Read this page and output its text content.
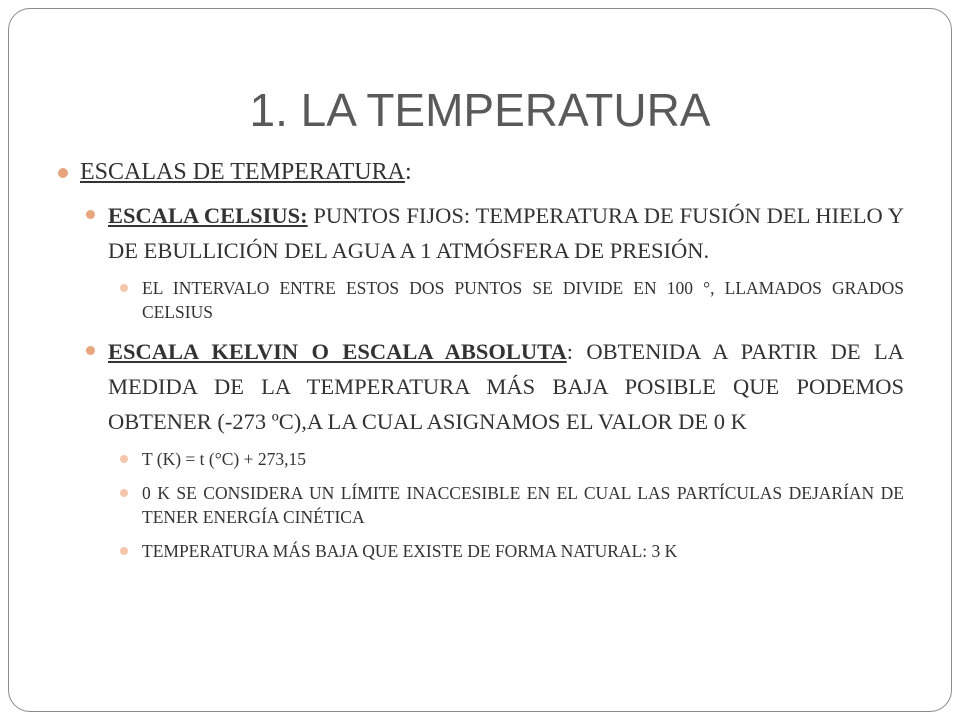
1. LA TEMPERATURA
ESCALAS DE TEMPERATURA:
ESCALA CELSIUS: PUNTOS FIJOS: TEMPERATURA DE FUSIÓN DEL HIELO Y DE EBULLICIÓN DEL AGUA A 1 ATMÓSFERA DE PRESIÓN.
EL INTERVALO ENTRE ESTOS DOS PUNTOS SE DIVIDE EN 100 °, LLAMADOS GRADOS CELSIUS
ESCALA KELVIN O ESCALA ABSOLUTA: OBTENIDA A PARTIR DE LA MEDIDA DE LA TEMPERATURA MÁS BAJA POSIBLE QUE PODEMOS OBTENER (-273 ºC),A LA CUAL ASIGNAMOS EL VALOR DE 0 K
T (K) = t (°C) + 273,15
0 K SE CONSIDERA UN LÍMITE INACCESIBLE EN EL CUAL LAS PARTÍCULAS DEJARÍAN DE TENER ENERGÍA CINÉTICA
TEMPERATURA MÁS BAJA QUE EXISTE DE FORMA NATURAL: 3 K
